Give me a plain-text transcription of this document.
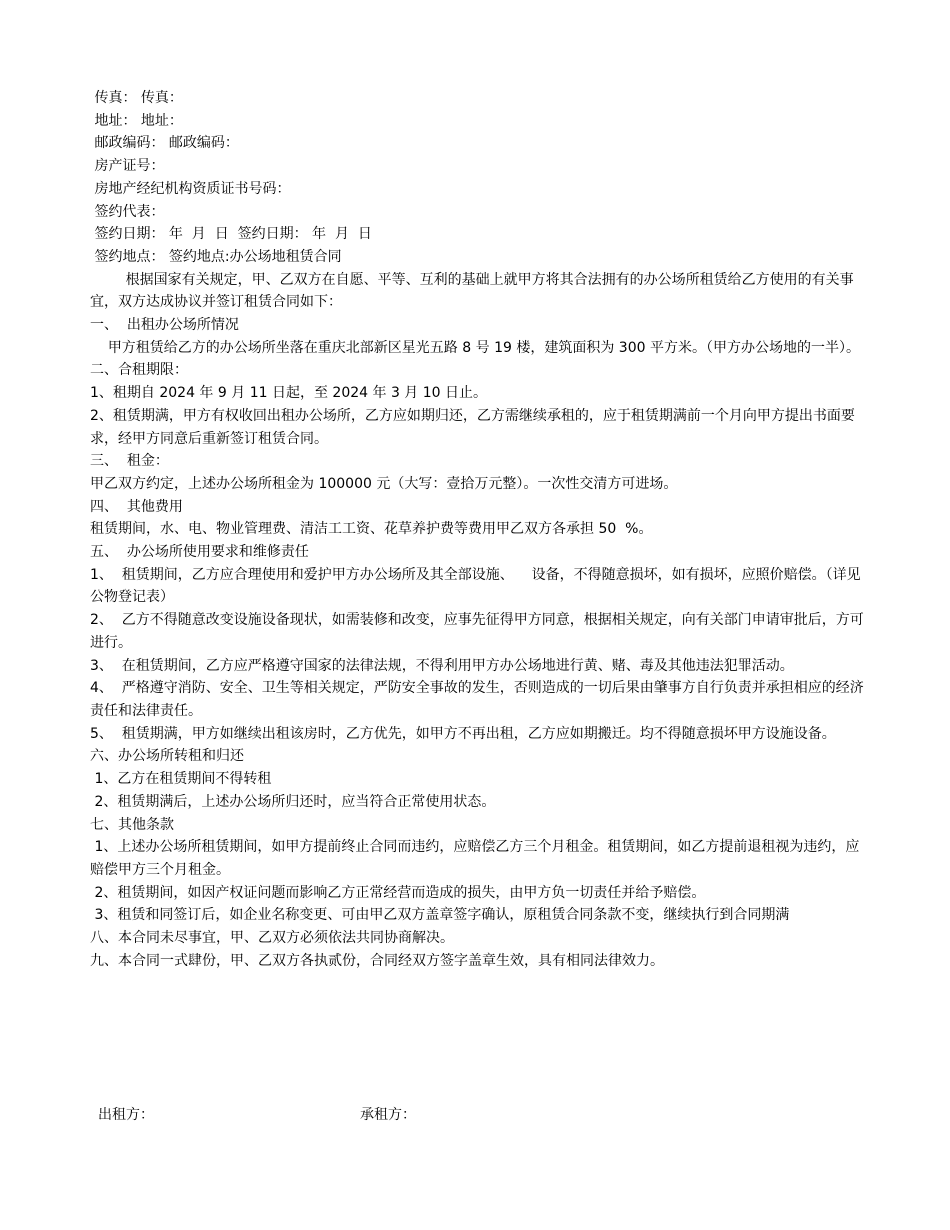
传真： 传真：
地址： 地址：
邮政编码： 邮政编码：
房产证号：
房地产经纪机构资质证书号码：
签约代表：
签约日期： 年  月  日  签约日期： 年  月  日
签约地点： 签约地点:办公场地租赁合同
根据国家有关规定，甲、乙双方在自愿、平等、互利的基础上就甲方将其合法拥有的办公场所租赁给乙方使用的有关事宜，双方达成协议并签订租赁合同如下：
一、  出租办公场所情况
甲方租赁给乙方的办公场所坐落在重庆北部新区星光五路 8 号 19 楼，建筑面积为 300 平方米。（甲方办公场地的一半）。
二、合租期限：
1、租期自 2024 年 9 月 11 日起，至 2024 年 3 月 10 日止。
2、租赁期满，甲方有权收回出租办公场所，乙方应如期归还，乙方需继续承租的，应于租赁期满前一个月向甲方提出书面要求，经甲方同意后重新签订租赁合同。
三、  租金：
甲乙双方约定，上述办公场所租金为 100000 元（大写：壹拾万元整）。一次性交清方可进场。
四、  其他费用
租赁期间，水、电、物业管理费、清洁工工资、花草养护费等费用甲乙双方各承担 50  %。
五、  办公场所使用要求和维修责任
1、  租赁期间，乙方应合理使用和爱护甲方办公场所及其全部设施、    设备，不得随意损坏，如有损坏，应照价赔偿。（详见公物登记表）
2、  乙方不得随意改变设施设备现状，如需装修和改变，应事先征得甲方同意，根据相关规定，向有关部门申请审批后，方可进行。
3、  在租赁期间，乙方应严格遵守国家的法律法规，不得利用甲方办公场地进行黄、赌、毒及其他违法犯罪活动。
4、  严格遵守消防、安全、卫生等相关规定，严防安全事故的发生，否则造成的一切后果由肇事方自行负责并承担相应的经济责任和法律责任。
5、  租赁期满，甲方如继续出租该房时，乙方优先，如甲方不再出租，乙方应如期搬迁。均不得随意损坏甲方设施设备。
六、办公场所转租和归还
1、乙方在租赁期间不得转租
2、租赁期满后，上述办公场所归还时，应当符合正常使用状态。
七、其他条款
1、上述办公场所租赁期间，如甲方提前终止合同而违约，应赔偿乙方三个月租金。租赁期间，如乙方提前退租视为违约，应赔偿甲方三个月租金。
2、租赁期间，如因产权证问题而影响乙方正常经营而造成的损失，由甲方负一切责任并给予赔偿。
3、租赁和同签订后，如企业名称变更、可由甲乙双方盖章签字确认，原租赁合同条款不变，继续执行到合同期满
八、本合同未尽事宜，甲、乙双方必须依法共同协商解决。
九、本合同一式肆份，甲、乙双方各执贰份，合同经双方签字盖章生效，具有相同法律效力。
出租方：	承租方：
